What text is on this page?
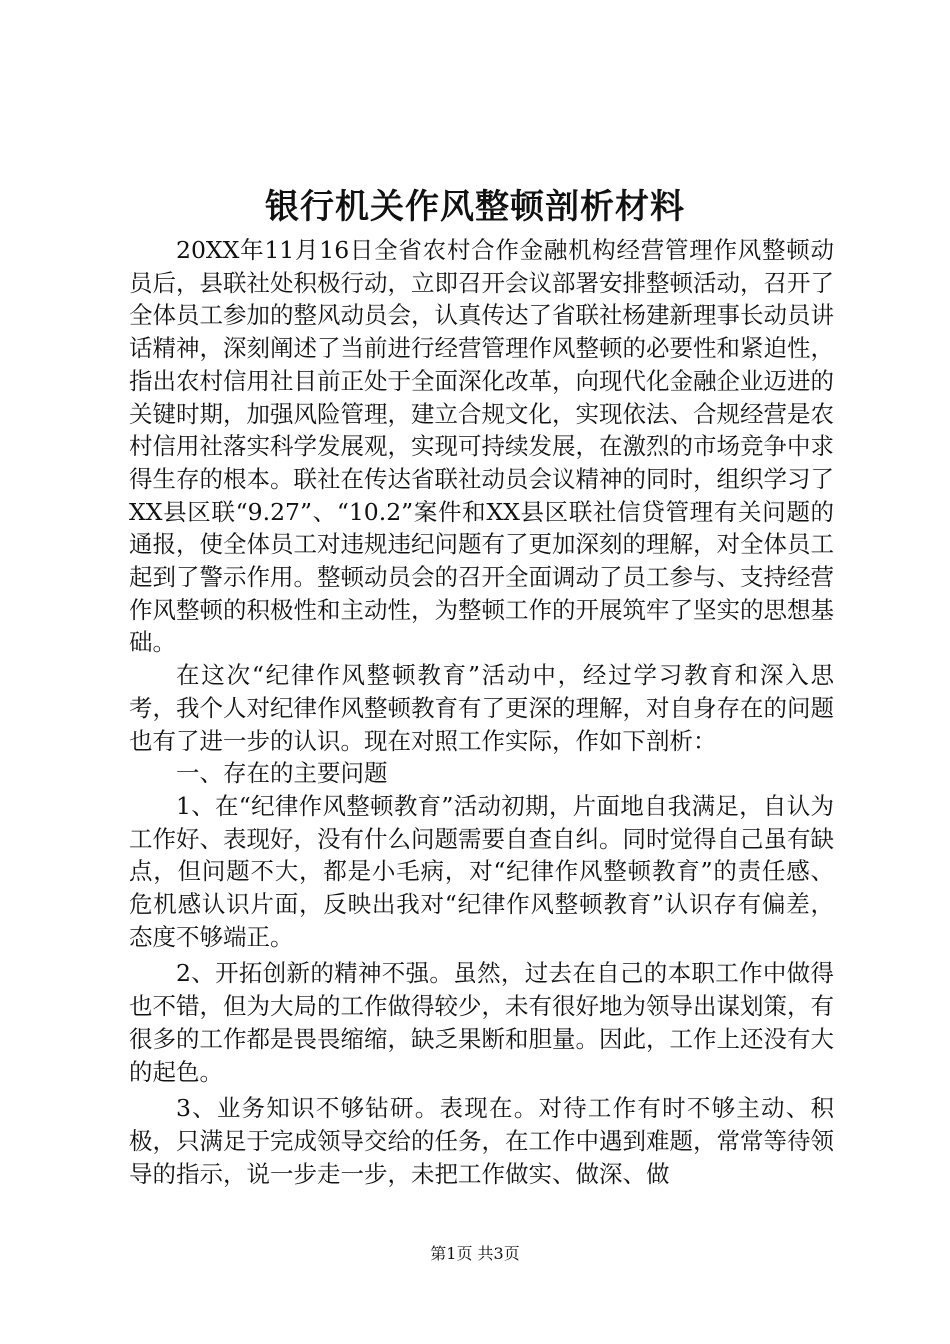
银行机关作风整顿剖析材料

20XX年11月16日全省农村合作金融机构经营管理作风整顿动员后，县联社处积极行动，立即召开会议部署安排整顿活动，召开了全体员工参加的整风动员会，认真传达了省联社杨建新理事长动员讲话精神，深刻阐述了当前进行经营管理作风整顿的必要性和紧迫性，指出农村信用社目前正处于全面深化改革，向现代化金融企业迈进的关键时期，加强风险管理，建立合规文化，实现依法、合规经营是农村信用社落实科学发展观，实现可持续发展，在激烈的市场竞争中求得生存的根本。联社在传达省联社动员会议精神的同时，组织学习了XX县区联“9.27”、“10.2”案件和XX县区联社信贷管理有关问题的通报，使全体员工对违规违纪问题有了更加深刻的理解，对全体员工起到了警示作用。整顿动员会的召开全面调动了员工参与、支持经营作风整顿的积极性和主动性，为整顿工作的开展筑牢了坚实的思想基础。

在这次“纪律作风整顿教育”活动中，经过学习教育和深入思考，我个人对纪律作风整顿教育有了更深的理解，对自身存在的问题也有了进一步的认识。现在对照工作实际，作如下剖析：

一、存在的主要问题

1、在“纪律作风整顿教育”活动初期，片面地自我满足，自认为工作好、表现好，没有什么问题需要自查自纠。同时觉得自己虽有缺点，但问题不大，都是小毛病，对“纪律作风整顿教育”的责任感、危机感认识片面，反映出我对“纪律作风整顿教育”认识存有偏差，态度不够端正。

2、开拓创新的精神不强。虽然，过去在自己的本职工作中做得也不错，但为大局的工作做得较少，未有很好地为领导出谋划策，有很多的工作都是畏畏缩缩，缺乏果断和胆量。因此，工作上还没有大的起色。

3、业务知识不够钻研。表现在。对待工作有时不够主动、积极，只满足于完成领导交给的任务，在工作中遇到难题，常常等待领导的指示，说一步走一步，未把工作做实、做深、做

第1页 共3页
